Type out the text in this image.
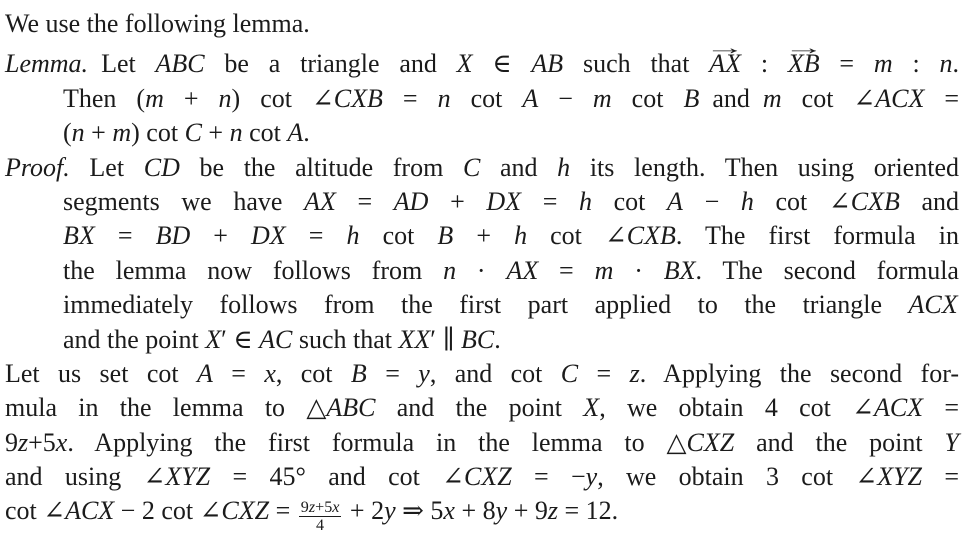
We use the following lemma.
Lemma. Let ABC be a triangle and X ∈ AB such that → AX : → XB = m : n.
Then (m + n) cot ∠CXB = n cot A − m cot B and m cot ∠ACX =
(n + m) cot C + n cot A.
Proof. Let CD be the altitude from C and h its length. Then using oriented
segments we have AX = AD + DX = h cot A − h cot ∠CXB and
BX = BD + DX = h cot B + h cot ∠CXB. The first formula in
the lemma now follows from n · AX = m · BX. The second formula
immediately follows from the first part applied to the triangle ACX
and the point X′ ∈ AC such that XX′ ∥ BC.
Let us set cot A = x, cot B = y, and cot C = z. Applying the second for-
mula in the lemma to △ABC and the point X, we obtain 4 cot ∠ACX =
9z+5x. Applying the first formula in the lemma to △CXZ and the point Y
and using ∠XYZ = 45° and cot ∠CXZ = −y, we obtain 3 cot ∠XYZ =
cot ∠ACX − 2 cot ∠CXZ = $\frac{9z+5x}{4} + 2y$ ⇒ 5x + 8y + 9z = 12.
